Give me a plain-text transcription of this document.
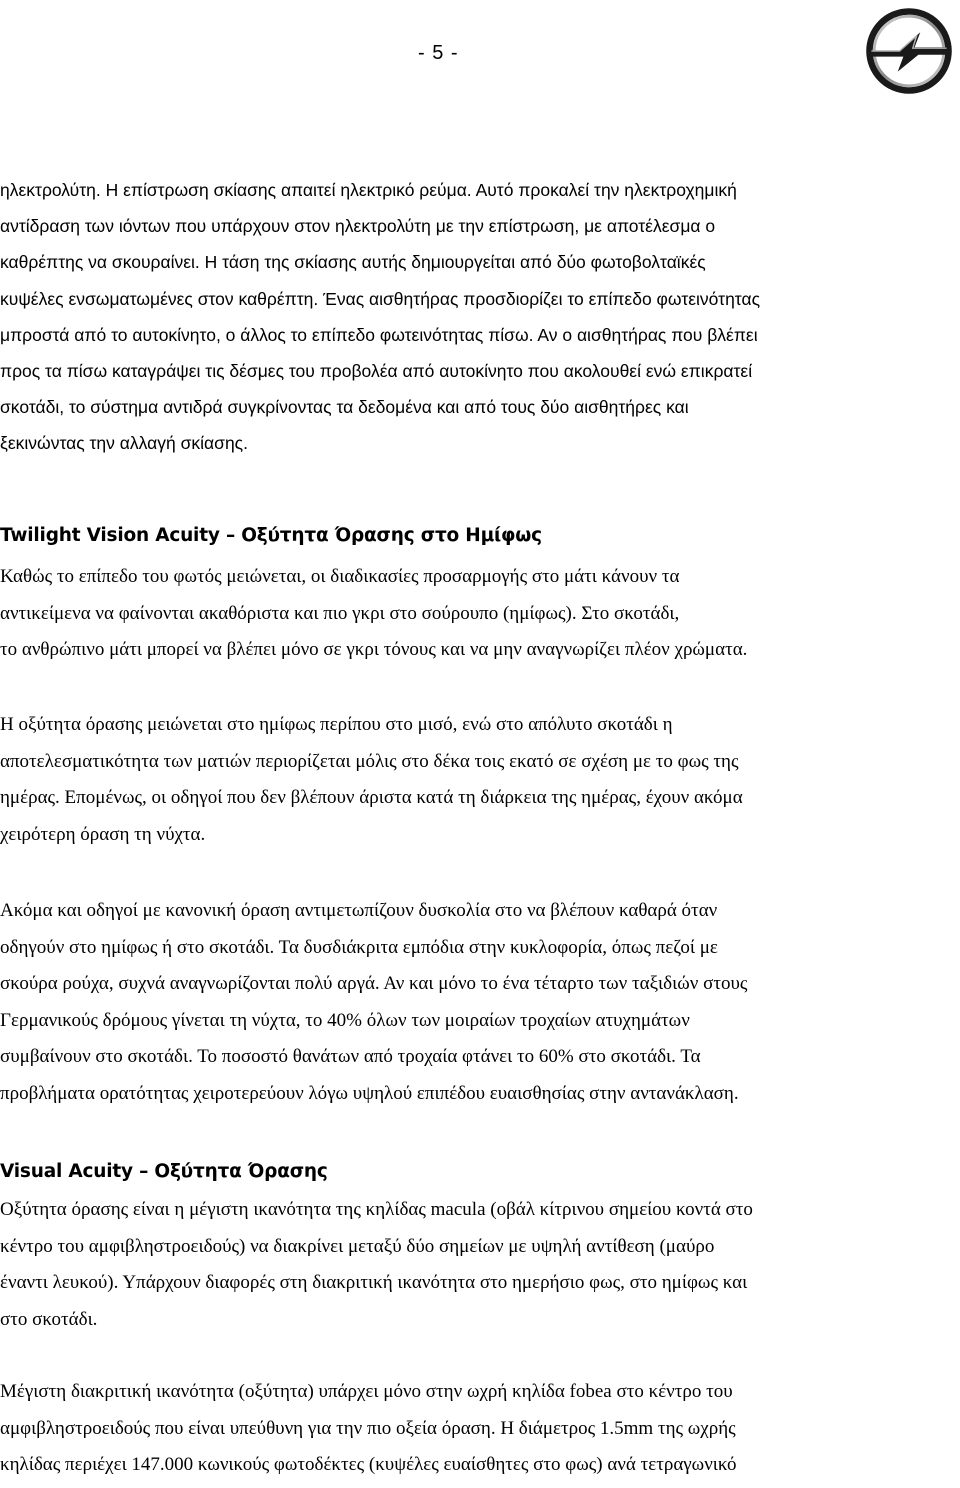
- 5 -

ηλεκτρολύτη. Η επίστρωση σκίασης απαιτεί ηλεκτρικό ρεύμα. Αυτό προκαλεί την ηλεκτροχημική
αντίδραση των ιόντων που υπάρχουν στον ηλεκτρολύτη με την επίστρωση, με αποτέλεσμα ο
καθρέπτης να σκουραίνει. Η τάση της σκίασης αυτής δημιουργείται από δύο φωτοβολταϊκές
κυψέλες ενσωματωμένες στον καθρέπτη. Ένας αισθητήρας προσδιορίζει το επίπεδο φωτεινότητας
μπροστά από το αυτοκίνητο, ο άλλος το επίπεδο φωτεινότητας πίσω. Αν ο αισθητήρας που βλέπει
προς τα πίσω καταγράψει τις δέσμες του προβολέα από αυτοκίνητο που ακολουθεί ενώ επικρατεί
σκοτάδι, το σύστημα αντιδρά συγκρίνοντας τα δεδομένα και από τους δύο αισθητήρες και
ξεκινώντας την αλλαγή σκίασης.

Twilight Vision Acuity – Οξύτητα Όρασης στο Ημίφως

Καθώς το επίπεδο του φωτός μειώνεται, οι διαδικασίες προσαρμογής στο μάτι κάνουν τα
αντικείμενα να φαίνονται ακαθόριστα και πιο γκρι στο σούρουπο (ημίφως). Στο σκοτάδι,
το ανθρώπινο μάτι μπορεί να βλέπει μόνο σε γκρι τόνους και να μην αναγνωρίζει πλέον χρώματα.

Η οξύτητα όρασης μειώνεται στο ημίφως περίπου στο μισό, ενώ στο απόλυτο σκοτάδι η
αποτελεσματικότητα των ματιών περιορίζεται μόλις στο δέκα τοις εκατό σε σχέση με το φως της
ημέρας. Επομένως, οι οδηγοί που δεν βλέπουν άριστα κατά τη διάρκεια της ημέρας, έχουν ακόμα
χειρότερη όραση τη νύχτα.

Ακόμα και οδηγοί με κανονική όραση αντιμετωπίζουν δυσκολία στο να βλέπουν καθαρά όταν
οδηγούν στο ημίφως ή στο σκοτάδι. Τα δυσδιάκριτα εμπόδια στην κυκλοφορία, όπως πεζοί με
σκούρα ρούχα, συχνά αναγνωρίζονται πολύ αργά. Αν και μόνο το ένα τέταρτο των ταξιδιών στους
Γερμανικούς δρόμους γίνεται τη νύχτα, το 40% όλων των μοιραίων τροχαίων ατυχημάτων
συμβαίνουν στο σκοτάδι. Το ποσοστό θανάτων από τροχαία φτάνει το 60% στο σκοτάδι. Τα
προβλήματα ορατότητας χειροτερεύουν λόγω υψηλού επιπέδου ευαισθησίας στην αντανάκλαση.

Visual Acuity – Οξύτητα Όρασης

Οξύτητα όρασης είναι η μέγιστη ικανότητα της κηλίδας macula (οβάλ κίτρινου σημείου κοντά στο
κέντρο του αμφιβληστροειδούς) να διακρίνει μεταξύ δύο σημείων με υψηλή αντίθεση (μαύρο
έναντι λευκού). Υπάρχουν διαφορές στη διακριτική ικανότητα στο ημερήσιο φως, στο ημίφως και
στο σκοτάδι.

Μέγιστη διακριτική ικανότητα (οξύτητα) υπάρχει μόνο στην ωχρή κηλίδα fobea στο κέντρο του
αμφιβληστροειδούς που είναι υπεύθυνη για την πιο οξεία όραση. Η διάμετρος 1.5mm της ωχρής
κηλίδας περιέχει 147.000 κωνικούς φωτοδέκτες (κυψέλες ευαίσθητες στο φως) ανά τετραγωνικό
